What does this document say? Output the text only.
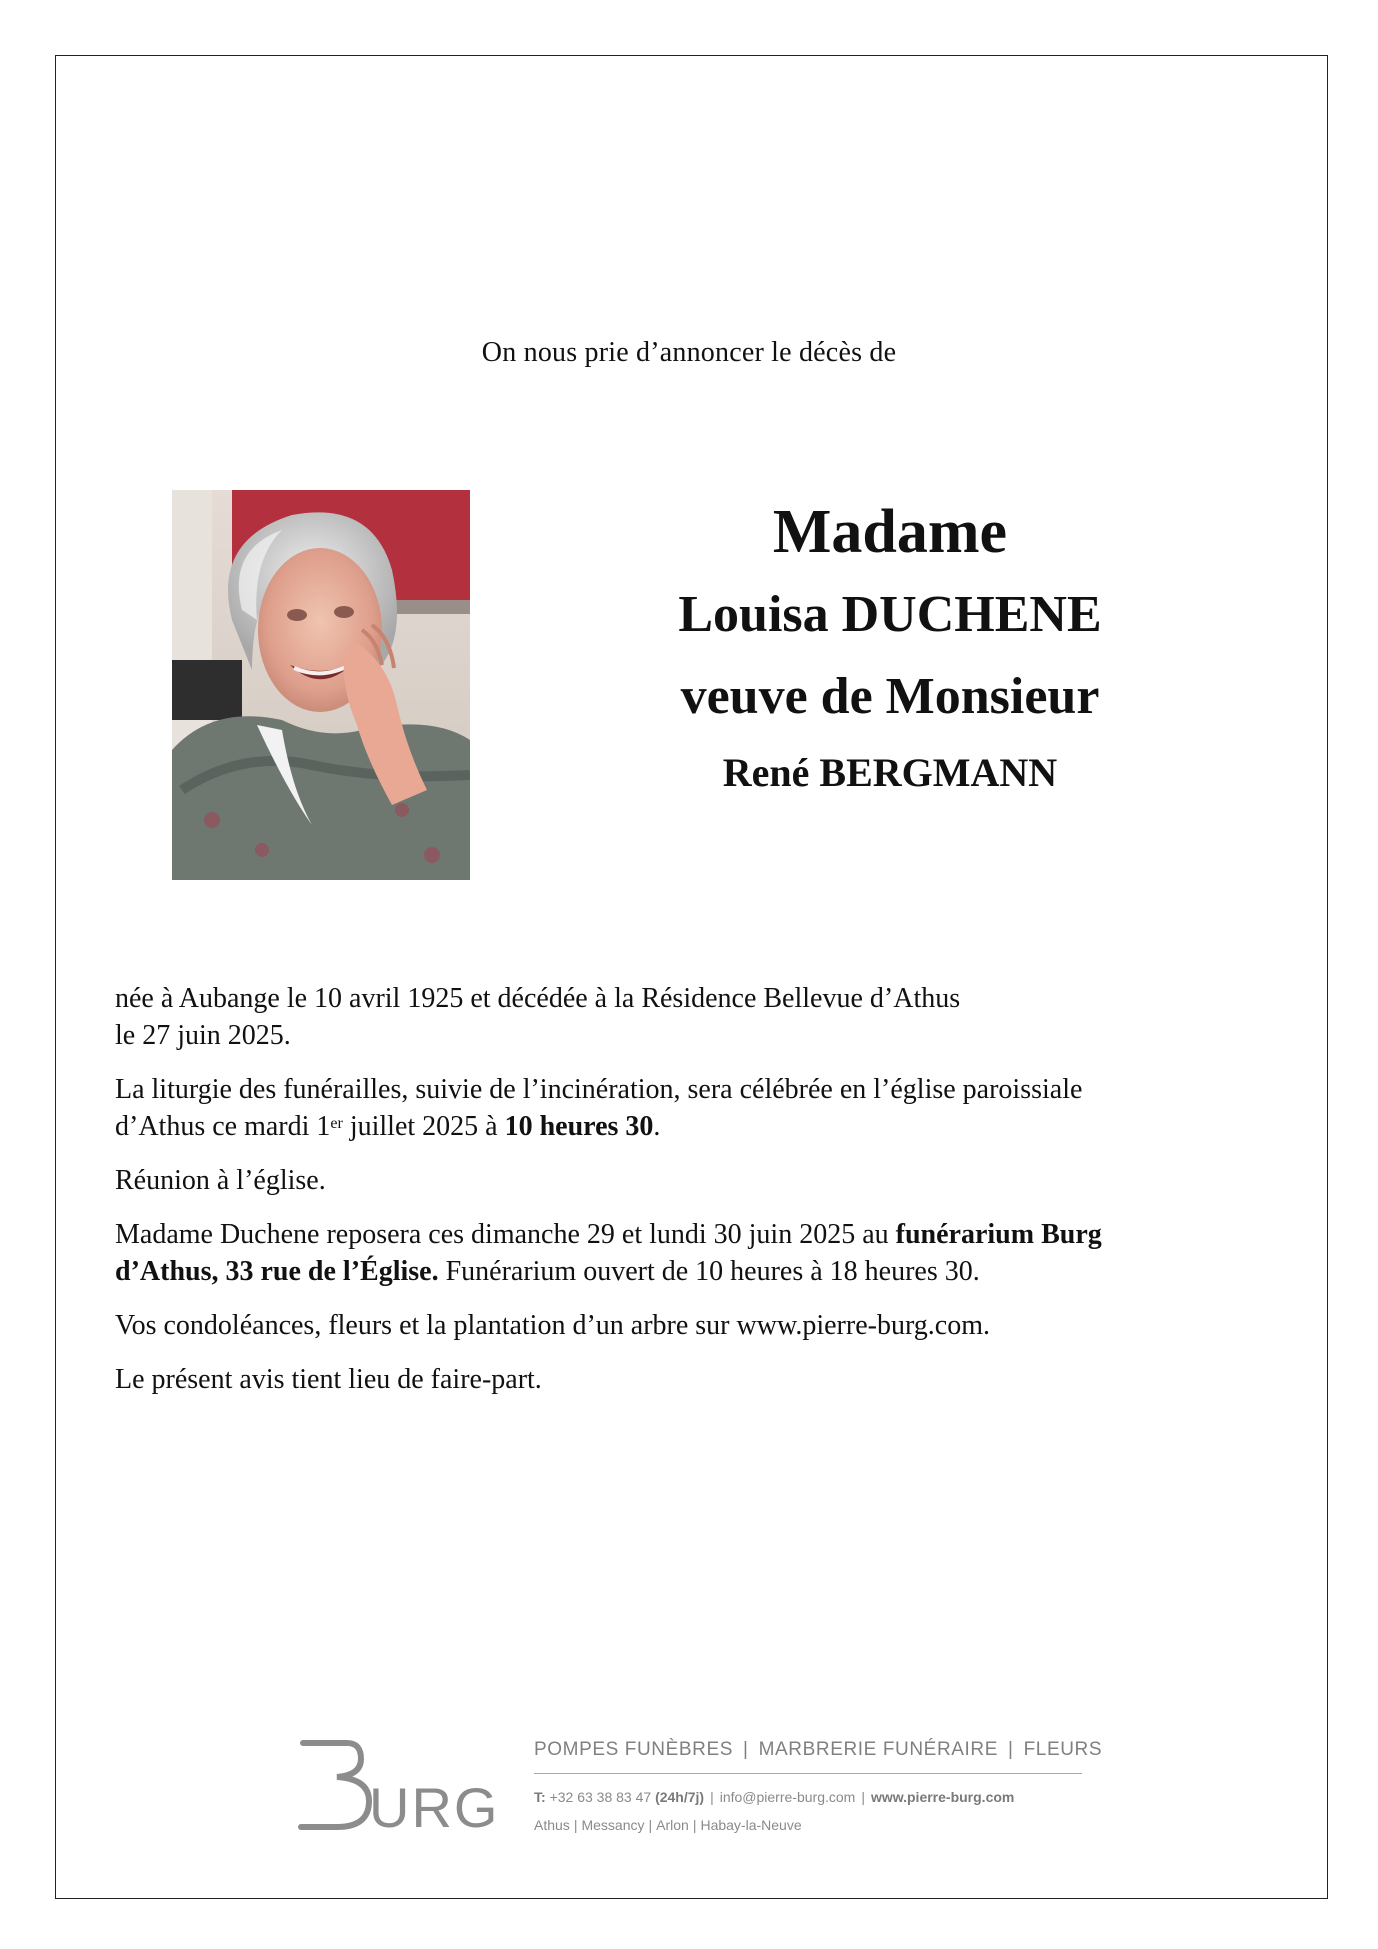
On nous prie d’annoncer le décès de
Madame
Louisa DUCHENE
veuve de Monsieur
René BERGMANN

née à Aubange le 10 avril 1925 et décédée à la Résidence Bellevue d’Athus
le 27 juin 2025.

La liturgie des funérailles, suivie de l’incinération, sera célébrée en l’église paroissiale
d’Athus ce mardi 1er juillet 2025 à 10 heures 30.

Réunion à l’église.

Madame Duchene reposera ces dimanche 29 et lundi 30 juin 2025 au funérarium Burg
d’Athus, 33 rue de l’Église. Funérarium ouvert de 10 heures à 18 heures 30.

Vos condoléances, fleurs et la plantation d’un arbre sur www.pierre-burg.com.

Le présent avis tient lieu de faire-part.

URG
POMPES FUNÈBRES | MARBRERIE FUNÉRAIRE | FLEURS
T: +32 63 38 83 47 (24h/7j) | info@pierre-burg.com | www.pierre-burg.com
Athus | Messancy | Arlon | Habay-la-Neuve
